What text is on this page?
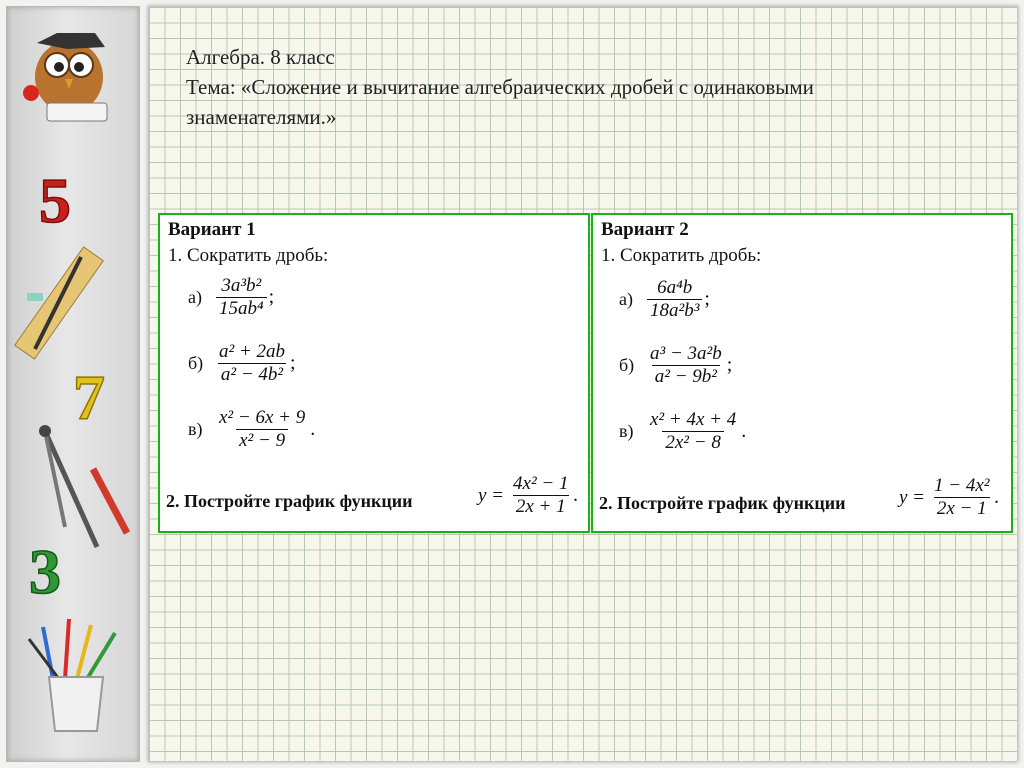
5
7
3
Алгебра. 8 класс
Тема: «Сложение и вычитание алгебраических дробей с одинаковыми
знаменателями.»
Вариант 1
1. Сократить дробь:
$а) \frac{\text{3a³b²}}{\text{15ab⁴}}$ ;
$б) \frac{\text{a² + 2ab}}{\text{a² − 4b²}}$ ;
$в) \frac{\text{x² − 6x + 9}}{\text{x² − 9}}$ .
2. Постройте график функции	$y = \frac{\text{4x² − 1}}{2x + 1}$ .
Вариант 2
1. Сократить дробь:
$а) \frac{\text{6a⁴b}}{\text{18a²b³}}$ ;
$б) \frac{\text{a³ − 3a²b}}{\text{a² − 9b²}}$ ;
$в) \frac{\text{x² + 4x + 4}}{\text{2x² − 8}}$ .
2. Постройте график функции	$y = \frac{\text{1 − 4x²}}{2x - 1}$ .
